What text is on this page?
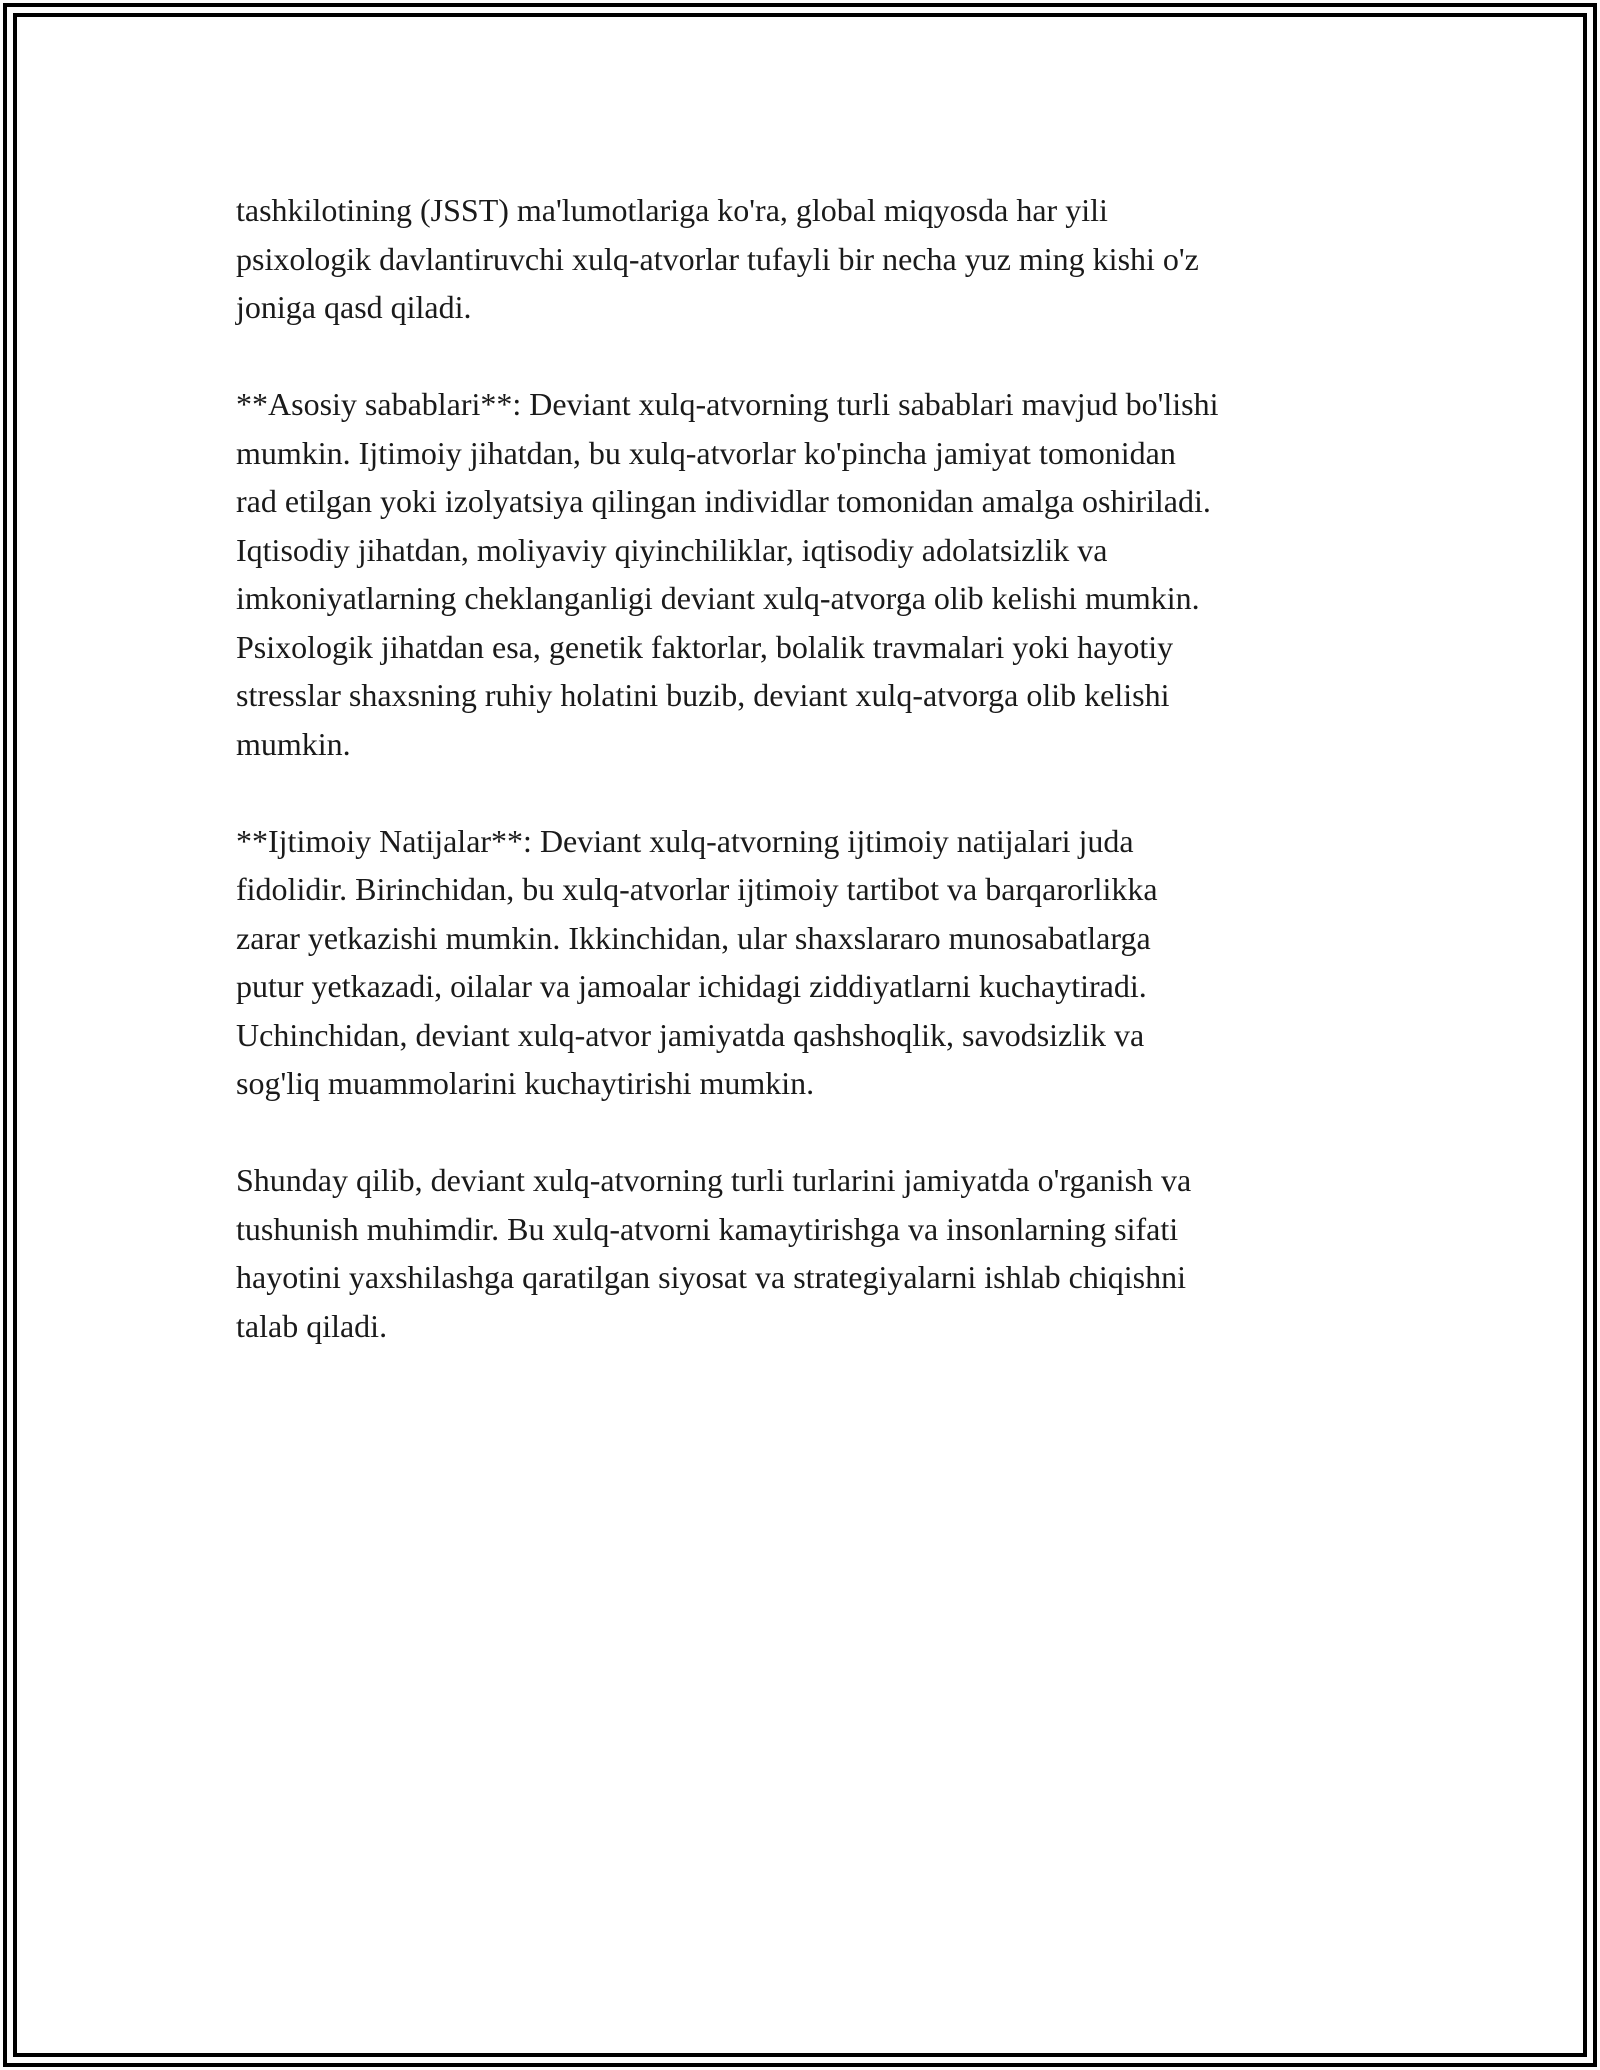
tashkilotining (JSST) ma'lumotlariga ko'ra, global miqyosda har yili
psixologik davlantiruvchi xulq-atvorlar tufayli bir necha yuz ming kishi o'z
joniga qasd qiladi.

**Asosiy sabablari**: Deviant xulq-atvorning turli sabablari mavjud bo'lishi
mumkin. Ijtimoiy jihatdan, bu xulq-atvorlar ko'pincha jamiyat tomonidan
rad etilgan yoki izolyatsiya qilingan individlar tomonidan amalga oshiriladi.
Iqtisodiy jihatdan, moliyaviy qiyinchiliklar, iqtisodiy adolatsizlik va
imkoniyatlarning cheklanganligi deviant xulq-atvorga olib kelishi mumkin.
Psixologik jihatdan esa, genetik faktorlar, bolalik travmalari yoki hayotiy
stresslar shaxsning ruhiy holatini buzib, deviant xulq-atvorga olib kelishi
mumkin.

**Ijtimoiy Natijalar**: Deviant xulq-atvorning ijtimoiy natijalari juda
fidolidir. Birinchidan, bu xulq-atvorlar ijtimoiy tartibot va barqarorlikka
zarar yetkazishi mumkin. Ikkinchidan, ular shaxslararo munosabatlarga
putur yetkazadi, oilalar va jamoalar ichidagi ziddiyatlarni kuchaytiradi.
Uchinchidan, deviant xulq-atvor jamiyatda qashshoqlik, savodsizlik va
sog'liq muammolarini kuchaytirishi mumkin.

Shunday qilib, deviant xulq-atvorning turli turlarini jamiyatda o'rganish va
tushunish muhimdir. Bu xulq-atvorni kamaytirishga va insonlarning sifati
hayotini yaxshilashga qaratilgan siyosat va strategiyalarni ishlab chiqishni
talab qiladi.
